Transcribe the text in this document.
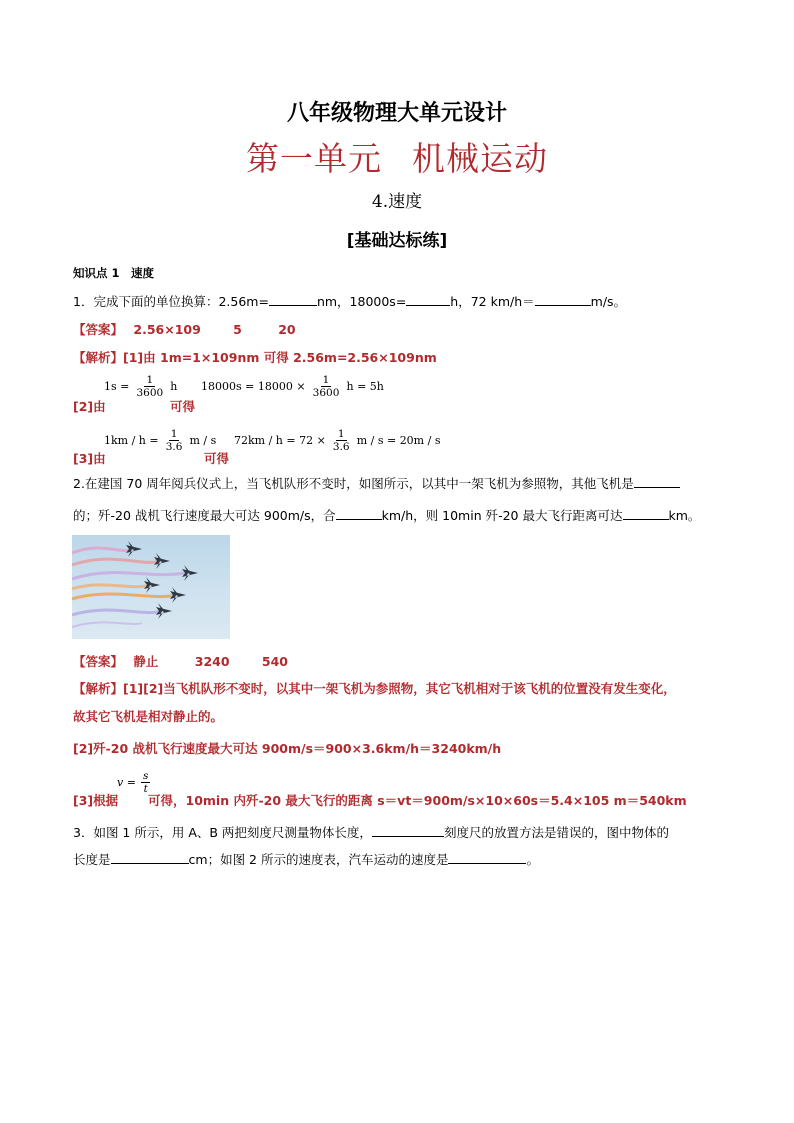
八年级物理大单元设计
第一单元 机械运动
4.速度
[基础达标练]
知识点 1　速度
1．完成下面的单位换算：2.56m=	nm，18000s=	h，72 km/h＝	m/s。
【答案】 2.56×109	5	20
【解析】[1]由 1m=1×109nm 可得 2.56m=2.56×109nm
$1s = \frac{1}{3600}$ h $18000s = 18000 \times \frac{1}{3600}$ h = 5h
[2]由	可得
$1km / h = \frac{1}{3.6}$ m / s $72km / h = 72 \times \frac{1}{3.6}$ m / s = 20m / s
[3]由	可得
2.在建国 70 周年阅兵仪式上，当飞机队形不变时，如图所示，以其中一架飞机为参照物，其他飞机是
的；歼-20 战机飞行速度最大可达 900m/s，合	km/h，则 10min 歼-20 最大飞行距离可达	km。
【答案】 静止	3240	540
【解析】[1][2]当飞机队形不变时，以其中一架飞机为参照物，其它飞机相对于该飞机的位置没有发生变化，
故其它飞机是相对静止的。
[2]歼-20 战机飞行速度最大可达 900m/s＝900×3.6km/h＝3240km/h
$v = \frac{s}{t}$
[3]根据 可得，10min 内歼-20 最大飞行的距离 s＝vt＝900m/s×10×60s＝5.4×105 m＝540km
3．如图 1 所示，用 A、B 两把刻度尺测量物体长度，	刻度尺的放置方法是错误的，图中物体的
长度是	cm；如图 2 所示的速度表，汽车运动的速度是	。
